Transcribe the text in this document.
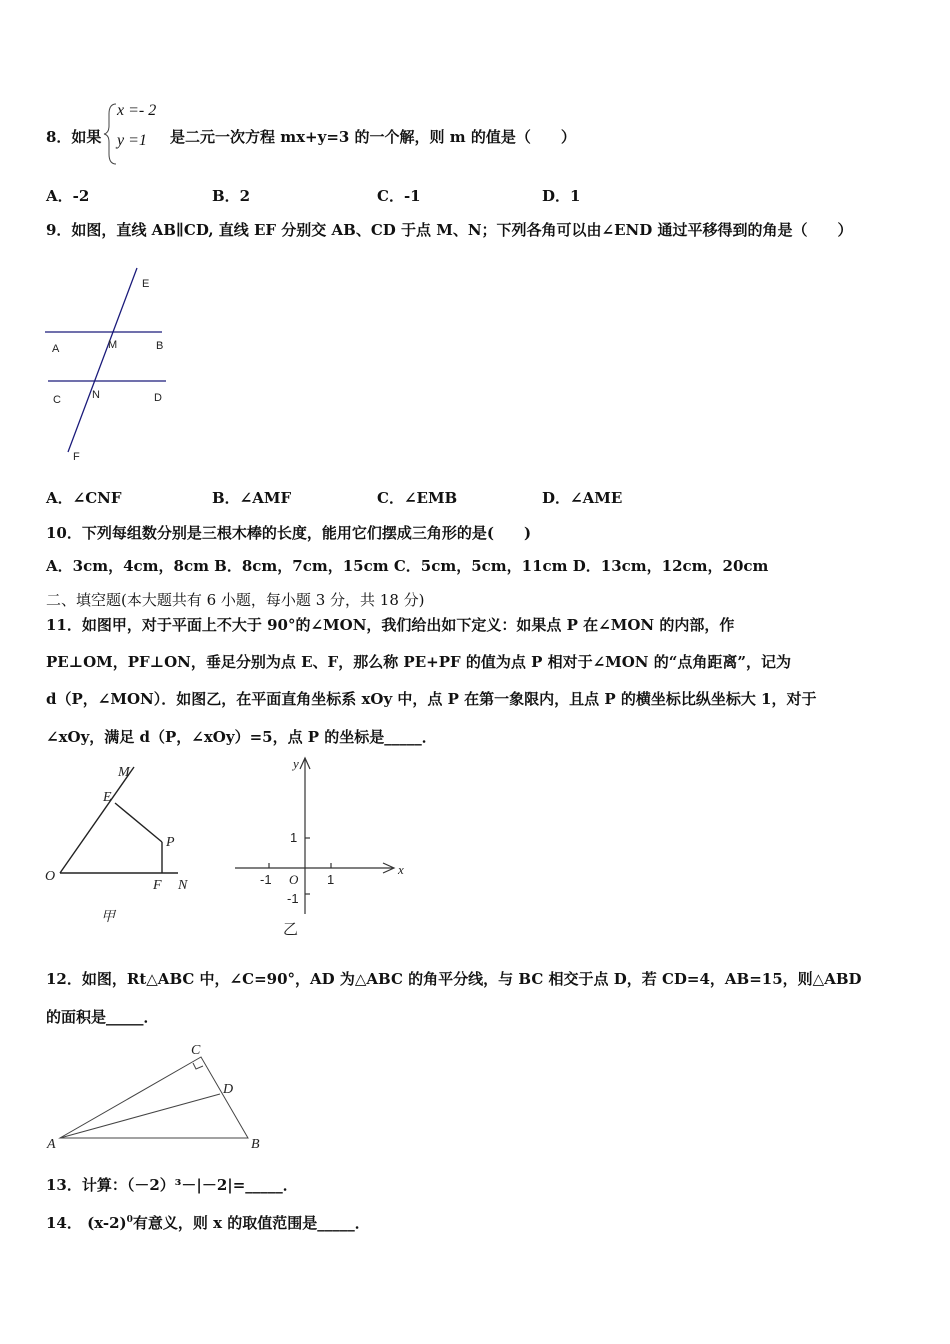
8．如果
x =- 2
y =1 是二元一次方程 mx+y=3 的一个解，则 m 的值是（　　）
A．-2	B．2	C．-1	D．1
9．如图，直线 AB∥CD, 直线 EF 分别交 AB、CD 于点 M、N；下列各角可以由∠END 通过平移得到的角是（　　）
E
A	M	B
C	N	D
F
A．∠CNF	B．∠AMF	C．∠EMB	D．∠AME
10．下列每组数分别是三根木棒的长度，能用它们摆成三角形的是(　　)
A．3cm，4cm，8cm B．8cm，7cm，15cm C．5cm，5cm，11cm D．13cm，12cm，20cm
二、填空题(本大题共有 6 小题，每小题 3 分，共 18 分)
11．如图甲，对于平面上不大于 90°的∠MON，我们给出如下定义：如果点 P 在∠MON 的内部，作
PE⊥OM，PF⊥ON，垂足分别为点 E、F，那么称 PE+PF 的值为点 P 相对于∠MON 的“点角距离”，记为
d（P，∠MON）．如图乙，在平面直角坐标系 xOy 中，点 P 在第一象限内，且点 P 的横坐标比纵坐标大 1，对于
∠xOy，满足 d（P，∠xOy）=5，点 P 的坐标是_____．
M
E
P
O
F N
甲
y
x
1
-1 O 1
-1
乙
12．如图，Rt△ABC 中，∠C=90°，AD 为△ABC 的角平分线，与 BC 相交于点 D，若 CD=4，AB=15，则△ABD
的面积是_____．
C
D
A	B
13．计算：（－2）³－|－2|=_____．
14． $(x-2)^0$有意义，则 x 的取值范围是_____．
